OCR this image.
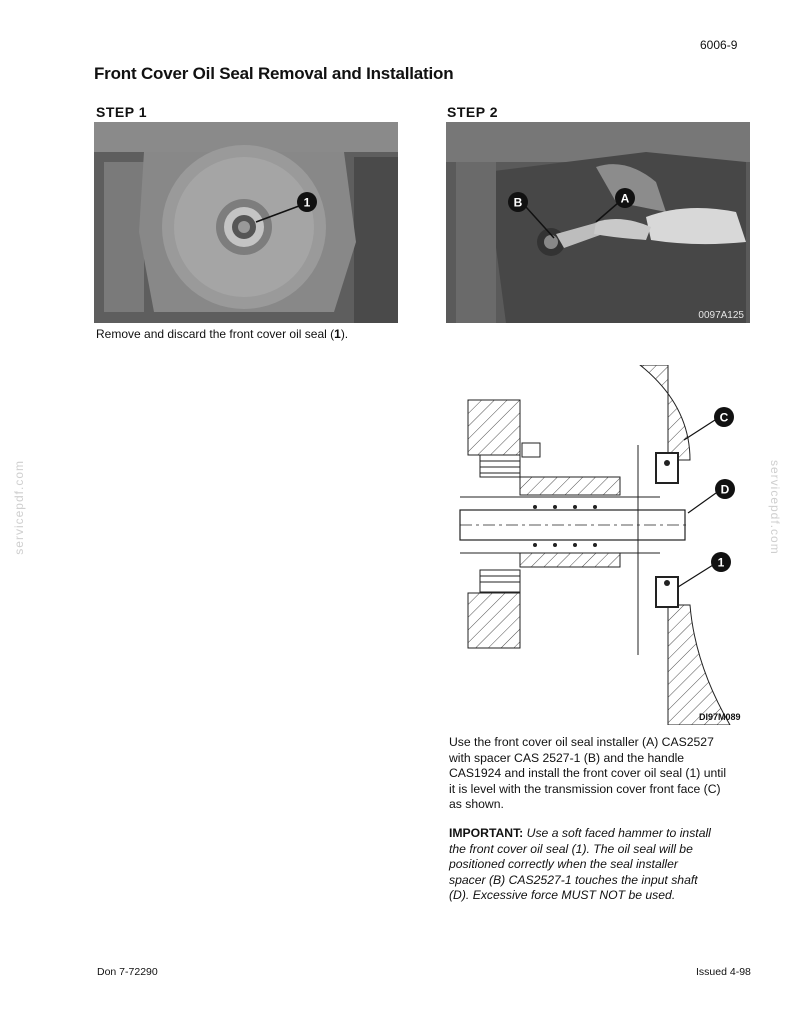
6006-9
Front Cover Oil Seal Removal and Installation
STEP 1	STEP 2
1	B	A
0097A125
Remove and discard the front cover oil seal (1).
C
D
1
DI97M089
Use the front cover oil seal installer (A) CAS2527
with spacer CAS 2527-1 (B) and the handle
CAS1924 and install the front cover oil seal (1) until
it is level with the transmission cover front face (C)
as shown.
IMPORTANT: Use a soft faced hammer to install
the front cover oil seal (1). The oil seal will be
positioned correctly when the seal installer
spacer (B) CAS2527-1 touches the input shaft
(D). Excessive force MUST NOT be used.
servicepdf.com	servicepdf.com
Don 7-72290	Issued 4-98
